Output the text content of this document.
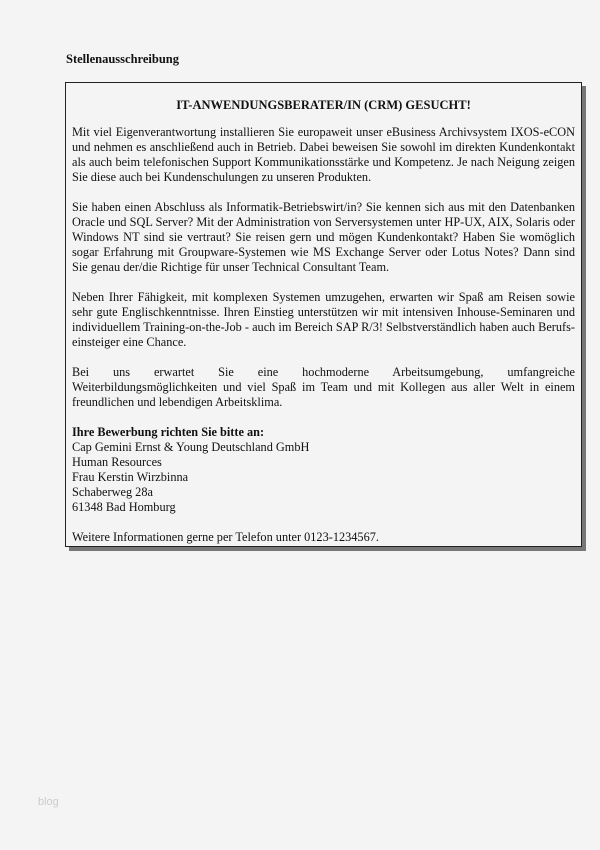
Stellenausschreibung
IT-ANWENDUNGSBERATER/IN (CRM) GESUCHT!

Mit viel Eigenverantwortung installieren Sie europaweit unser eBusiness Archivsystem IXOS-eCON und nehmen es anschließend auch in Betrieb. Dabei beweisen Sie sowohl im direkten Kundenkontakt als auch beim telefonischen Support Kommunikationsstärke und Kompetenz. Je nach Neigung zeigen Sie diese auch bei Kundenschulungen zu unseren Produkten.

Sie haben einen Abschluss als Informatik-Betriebswirt/in? Sie kennen sich aus mit den Datenbanken Oracle und SQL Server? Mit der Administration von Serversystemen unter HP-UX, AIX, Solaris oder Windows NT sind sie vertraut? Sie reisen gern und mögen Kundenkontakt? Haben Sie womöglich sogar Erfahrung mit Groupware-Systemen wie MS Exchange Server oder Lotus Notes? Dann sind Sie genau der/die Richtige für unser Technical Consultant Team.

Neben Ihrer Fähigkeit, mit komplexen Systemen umzugehen, erwarten wir Spaß am Reisen sowie sehr gute Englischkenntnisse. Ihren Einstieg unterstützen wir mit intensiven Inhouse-Seminaren und individuellem Training-on-the-Job - auch im Bereich SAP R/3! Selbstverständlich haben auch Berufs-einsteiger eine Chance.

Bei uns erwartet Sie eine hochmoderne Arbeitsumgebung, umfangreiche Weiterbildungsmöglichkeiten und viel Spaß im Team und mit Kollegen aus aller Welt in einem freundlichen und lebendigen Arbeitsklima.

Ihre Bewerbung richten Sie bitte an:
Cap Gemini Ernst & Young Deutschland GmbH
Human Resources
Frau Kerstin Wirzbinna
Schaberweg 28a
61348 Bad Homburg
Weitere Informationen gerne per Telefon unter 0123-1234567.
blog
